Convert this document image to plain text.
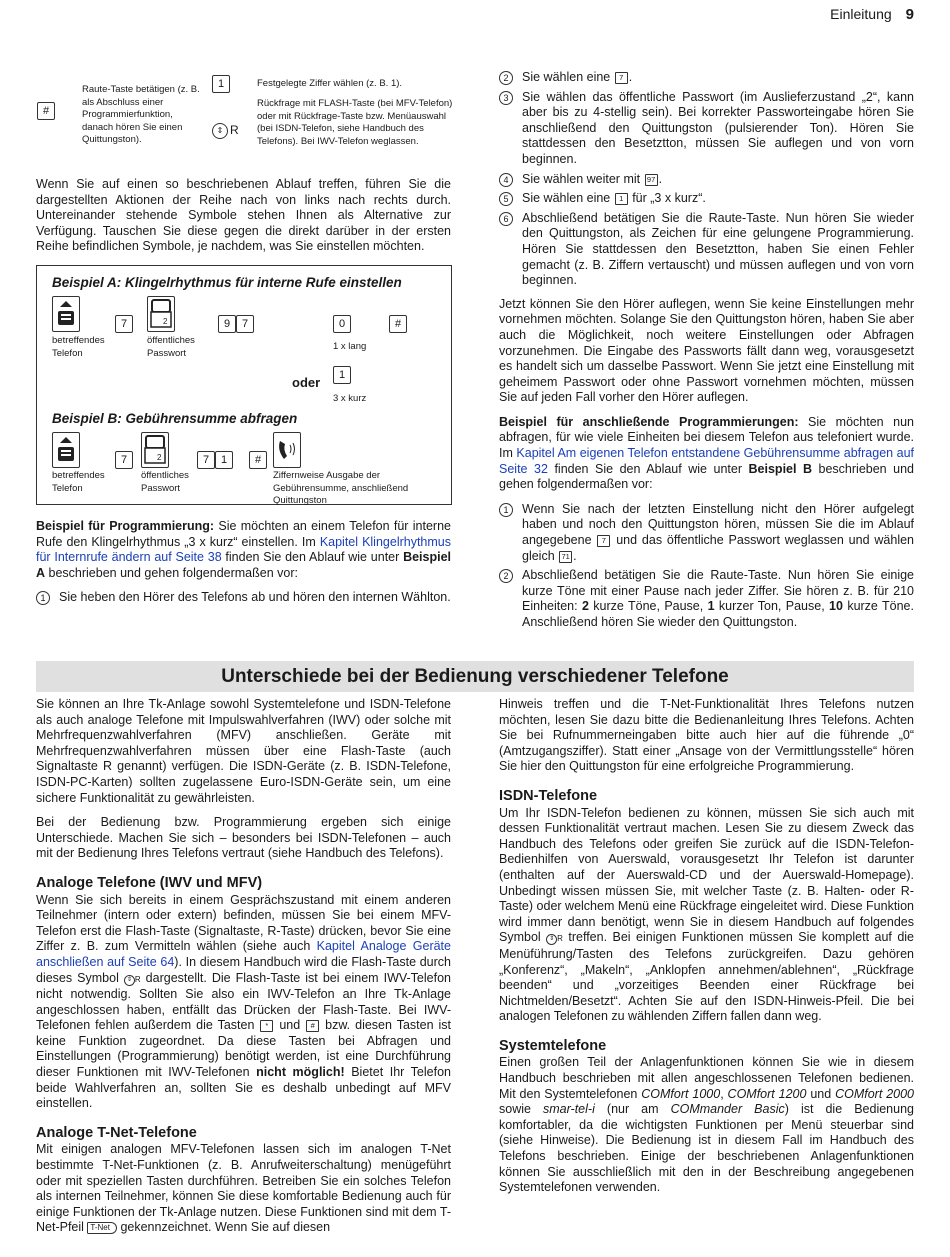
Einleitung 9
#
Raute-Taste betätigen (z. B. als Abschluss einer Programmierfunktion, danach hören Sie einen Quittungston).
1	Festgelegte Ziffer wählen (z. B. 1).
⇕ R
Rückfrage mit FLASH-Taste (bei MFV-Telefon) oder mit Rückfrage-Taste bzw. Menüauswahl (bei ISDN-Telefon, siehe Handbuch des Telefons). Bei IWV-Telefon weglassen.

Wenn Sie auf einen so beschriebenen Ablauf treffen, führen Sie die dargestellten Aktionen der Reihe nach von links nach rechts durch. Untereinander stehende Symbole stehen Ihnen als Alternative zur Verfügung. Tauschen Sie diese gegen die direkt darüber in der ersten Reihe befindlichen Symbole, je nachdem, was Sie einstellen möchten.

Beispiel A: Klingelrhythmus für interne Rufe einstellen
betreffendes Telefon
7	2
öffentliches Passwort
9	7	0
1 x lang
#
oder	1
3 x kurz
Beispiel B: Gebührensumme abfragen
betreffendes Telefon
7	2
öffentliches Passwort
7	1	#
Ziffernweise Ausgabe der Gebührensumme, anschließend Quittungston

Beispiel für Programmierung: Sie möchten an einem Telefon für interne Rufe den Klingelrhythmus „3 x kurz“ einstellen. Im Kapitel Klingelrhythmus für Internrufe ändern auf Seite 38 finden Sie den Ablauf wie unter Beispiel A beschrieben und gehen folgendermaßen vor:

1	Sie heben den Hörer des Telefons ab und hören den internen Wählton.
2	Sie wählen eine 7 .
3	Sie wählen das öffentliche Passwort (im Auslieferzustand „2“, kann aber bis zu 4-stellig sein). Bei korrekter Passworteingabe hören Sie anschließend den Quittungston (pulsierender Ton). Hören Sie stattdessen den Besetztton, müssen Sie auflegen und von vorn beginnen.
4	Sie wählen weiter mit 97 .
5	Sie wählen eine 1 für „3 x kurz“.
6	Abschließend betätigen Sie die Raute-Taste. Nun hören Sie wieder den Quittungston, als Zeichen für eine gelungene Programmierung. Hören Sie stattdessen den Besetztton, haben Sie einen Fehler gemacht (z. B. Ziffern vertauscht) und müssen auflegen und von vorn beginnen.

Jetzt können Sie den Hörer auflegen, wenn Sie keine Einstellungen mehr vornehmen möchten. Solange Sie den Quittungston hören, haben Sie aber auch die Möglichkeit, noch weitere Einstellungen oder Abfragen vorzunehmen. Die Eingabe des Passworts fällt dann weg, vorausgesetzt es handelt sich um dasselbe Passwort. Wenn Sie jetzt eine Einstellung mit geheimem Passwort oder ohne Passwort vornehmen möchten, müssen Sie auf jeden Fall vorher den Hörer auflegen.

Beispiel für anschließende Programmierungen: Sie möchten nun abfragen, für wie viele Einheiten bei diesem Telefon aus telefoniert wurde. Im Kapitel Am eigenen Telefon entstandene Gebührensumme abfragen auf Seite 32 finden Sie den Ablauf wie unter Beispiel B beschrieben und gehen folgendermaßen vor:

1	Wenn Sie nach der letzten Einstellung nicht den Hörer aufgelegt haben und noch den Quittungston hören, müssen Sie die im Ablauf angegebene 7 und das öffentliche Passwort weglassen und wählen gleich 71 .
2	Abschließend betätigen Sie die Raute-Taste. Nun hören Sie einige kurze Töne mit einer Pause nach jeder Ziffer. Sie hören z. B. für 210 Einheiten: 2 kurze Töne, Pause, 1 kurzer Ton, Pause, 10 kurze Töne. Anschließend hören Sie wieder den Quittungston.
Unterschiede bei der Bedienung verschiedener Telefone

Sie können an Ihre Tk-Anlage sowohl Systemtelefone und ISDN-Telefone als auch analoge Telefone mit Impulswahlverfahren (IWV) oder solche mit Mehrfrequenzwahlverfahren (MFV) anschließen. Geräte mit Mehrfrequenzwahlverfahren müssen über eine Flash-Taste (auch Signaltaste R genannt) verfügen. Die ISDN-Geräte (z. B. ISDN-Telefone, ISDN-PC-Karten) sollten zugelassene Euro-ISDN-Geräte sein, um eine sichere Funktionalität zu gewährleisten.

Bei der Bedienung bzw. Programmierung ergeben sich einige Unterschiede. Machen Sie sich – besonders bei ISDN-Telefonen – auch mit der Bedienung Ihres Telefons vertraut (siehe Handbuch des Telefons).

Analoge Telefone (IWV und MFV)

Wenn Sie sich bereits in einem Gesprächszustand mit einem anderen Teilnehmer (intern oder extern) befinden, müssen Sie bei einem MFV-Telefon erst die Flash-Taste (Signaltaste, R-Taste) drücken, bevor Sie eine Ziffer z. B. zum Vermitteln wählen (siehe auch Kapitel Analoge Geräte anschließen auf Seite 64). In diesem Handbuch wird die Flash-Taste durch dieses Symbol ⇕ R dargestellt. Die Flash-Taste ist bei einem IWV-Telefon nicht notwendig. Sollten Sie also ein IWV-Telefon an Ihre Tk-Anlage angeschlossen haben, entfällt das Drücken der Flash-Taste. Bei IWV-Telefonen fehlen außerdem die Tasten * und # bzw. diesen Tasten ist keine Funktion zugeordnet. Da diese Tasten bei Abfragen und Einstellungen (Programmierung) benötigt werden, ist eine Durchführung dieser Funktionen mit IWV-Telefonen nicht möglich! Bietet Ihr Telefon beide Wahlverfahren an, sollten Sie es deshalb unbedingt auf MFV einstellen.

Analoge T-Net-Telefone

Mit einigen analogen MFV-Telefonen lassen sich im analogen T-Net bestimmte T-Net-Funktionen (z. B. Anrufweiterschaltung) menügeführt oder mit speziellen Tasten durchführen. Betreiben Sie ein solches Telefon als internen Teilnehmer, können Sie diese komfortable Bedienung auch für einige Funktionen der Tk-Anlage nutzen. Diese Funktionen sind mit dem T-Net-Pfeil T-Net gekennzeichnet. Wenn Sie auf diesen

Hinweis treffen und die T-Net-Funktionalität Ihres Telefons nutzen möchten, lesen Sie dazu bitte die Bedienanleitung Ihres Telefons. Achten Sie bei Rufnummerneingaben bitte auch hier auf die führende „0“ (Amtzugangsziffer). Statt einer „Ansage von der Vermittlungsstelle“ hören Sie hier den Quittungston für eine erfolgreiche Programmierung.

ISDN-Telefone

Um Ihr ISDN-Telefon bedienen zu können, müssen Sie sich auch mit dessen Funktionalität vertraut machen. Lesen Sie zu diesem Zweck das Handbuch des Telefons oder greifen Sie zurück auf die ISDN-Telefon-Bedienhilfen von Auerswald, vorausgesetzt Ihr Telefon ist darunter (enthalten auf der Auerswald-CD und der Auerswald-Homepage). Unbedingt wissen müssen Sie, mit welcher Taste (z. B. Halten- oder R-Taste) oder welchem Menü eine Rückfrage eingeleitet wird. Diese Funktion wird immer dann benötigt, wenn Sie in diesem Handbuch auf folgendes Symbol ⇕ R treffen. Bei einigen Funktionen müssen Sie komplett auf die Menüführung/Tasten des Telefons zurückgreifen. Dazu gehören „Konferenz“, „Makeln“, „Anklopfen annehmen/ablehnen“, „Rückfrage beenden“ und „vorzeitiges Beenden einer Rückfrage bei Nichtmelden/Besetzt“. Achten Sie auf den ISDN-Hinweis-Pfeil. Die bei analogen Telefonen zu wählenden Ziffern fallen dann weg.

Systemtelefone

Einen großen Teil der Anlagenfunktionen können Sie wie in diesem Handbuch beschrieben mit allen angeschlossenen Telefonen bedienen. Mit den Systemtelefonen COMfort 1000, COMfort 1200 und COMfort 2000 sowie smar-tel-i (nur am COMmander Basic) ist die Bedienung komfortabler, da die wichtigsten Funktionen per Menü steuerbar sind (siehe Hinweise). Die Bedienung ist in diesem Fall im Handbuch des Telefons beschrieben. Einige der beschriebenen Anlagenfunktionen können Sie ausschließlich mit den in der Beschreibung angegebenen Systemtelefonen verwenden.
